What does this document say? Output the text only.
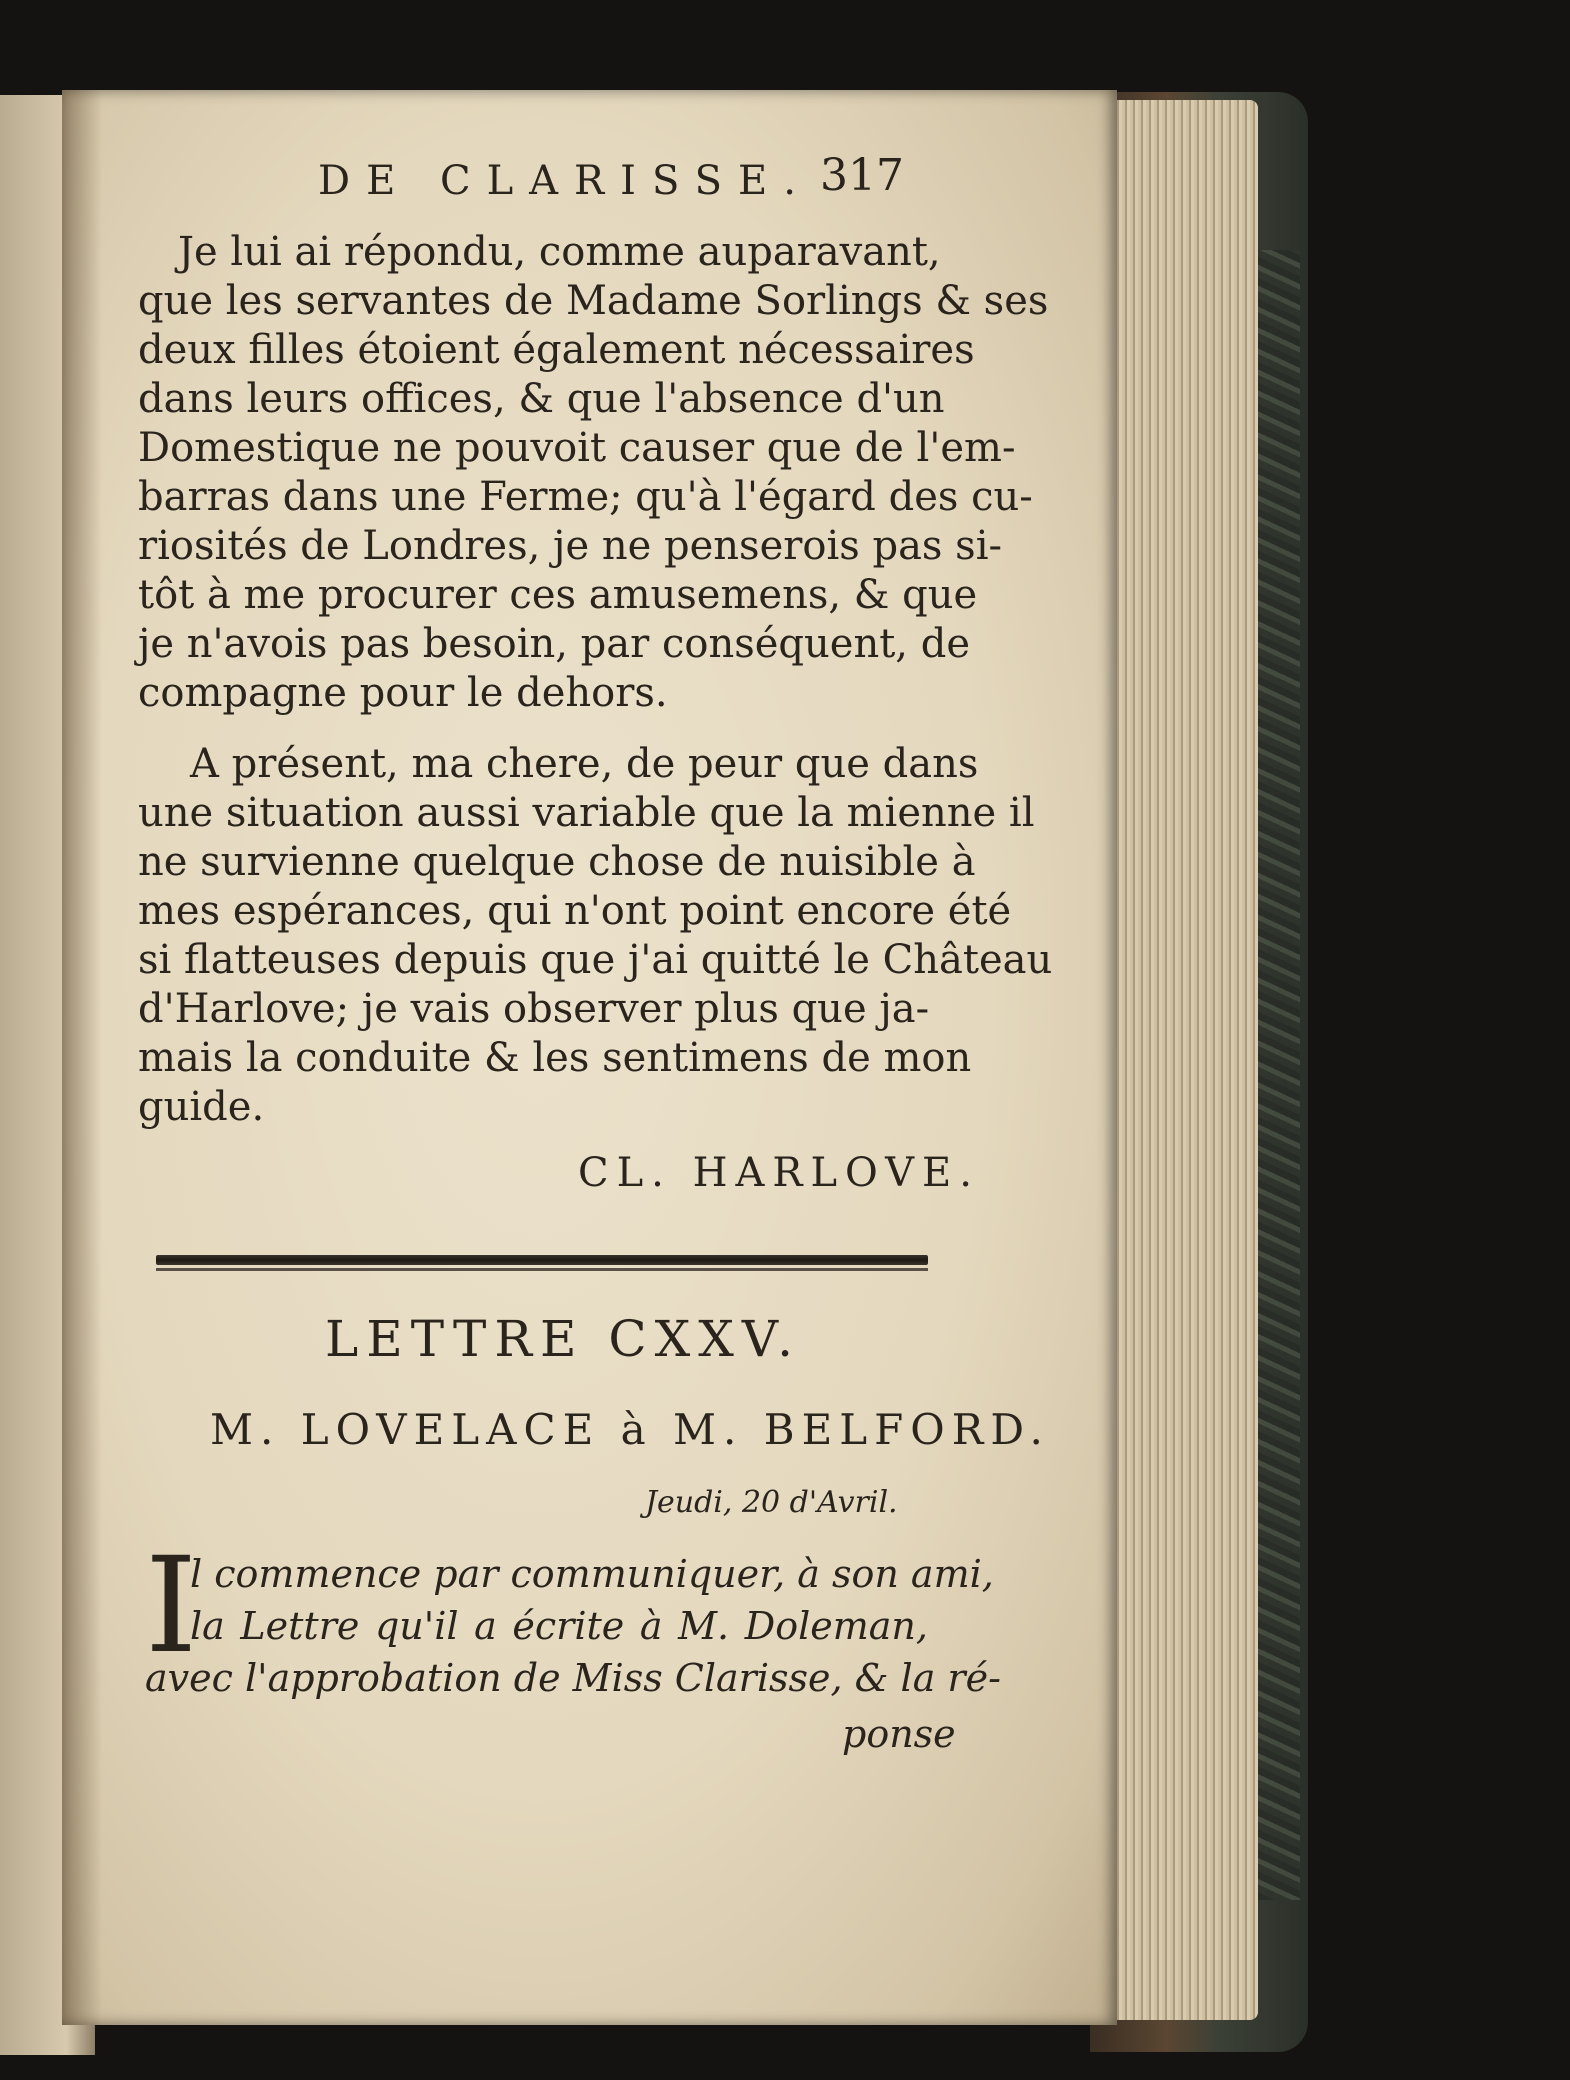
DE CLARISSE. 317
Je lui ai répondu, comme auparavant,
que les servantes de Madame Sorlings & ses
deux filles étoient également nécessaires
dans leurs offices, & que l'absence d'un
Domestique ne pouvoit causer que de l'em-
barras dans une Ferme; qu'à l'égard des cu-
riosités de Londres, je ne penserois pas si-
tôt à me procurer ces amusemens, & que
je n'avois pas besoin, par conséquent, de
compagne pour le dehors.
A présent, ma chere, de peur que dans
une situation aussi variable que la mienne il
ne survienne quelque chose de nuisible à
mes espérances, qui n'ont point encore été
si flatteuses depuis que j'ai quitté le Château
d'Harlove; je vais observer plus que ja-
mais la conduite & les sentimens de mon
guide.
CL. HARLOVE.
LETTRE CXXV.
M. LOVELACE à M. BELFORD.
Jeudi, 20 d'Avril.
I
l commence par communiquer, à son ami,
la Lettre qu'il a écrite à M. Doleman,
avec l'approbation de Miss Clarisse, & la ré-
ponse
